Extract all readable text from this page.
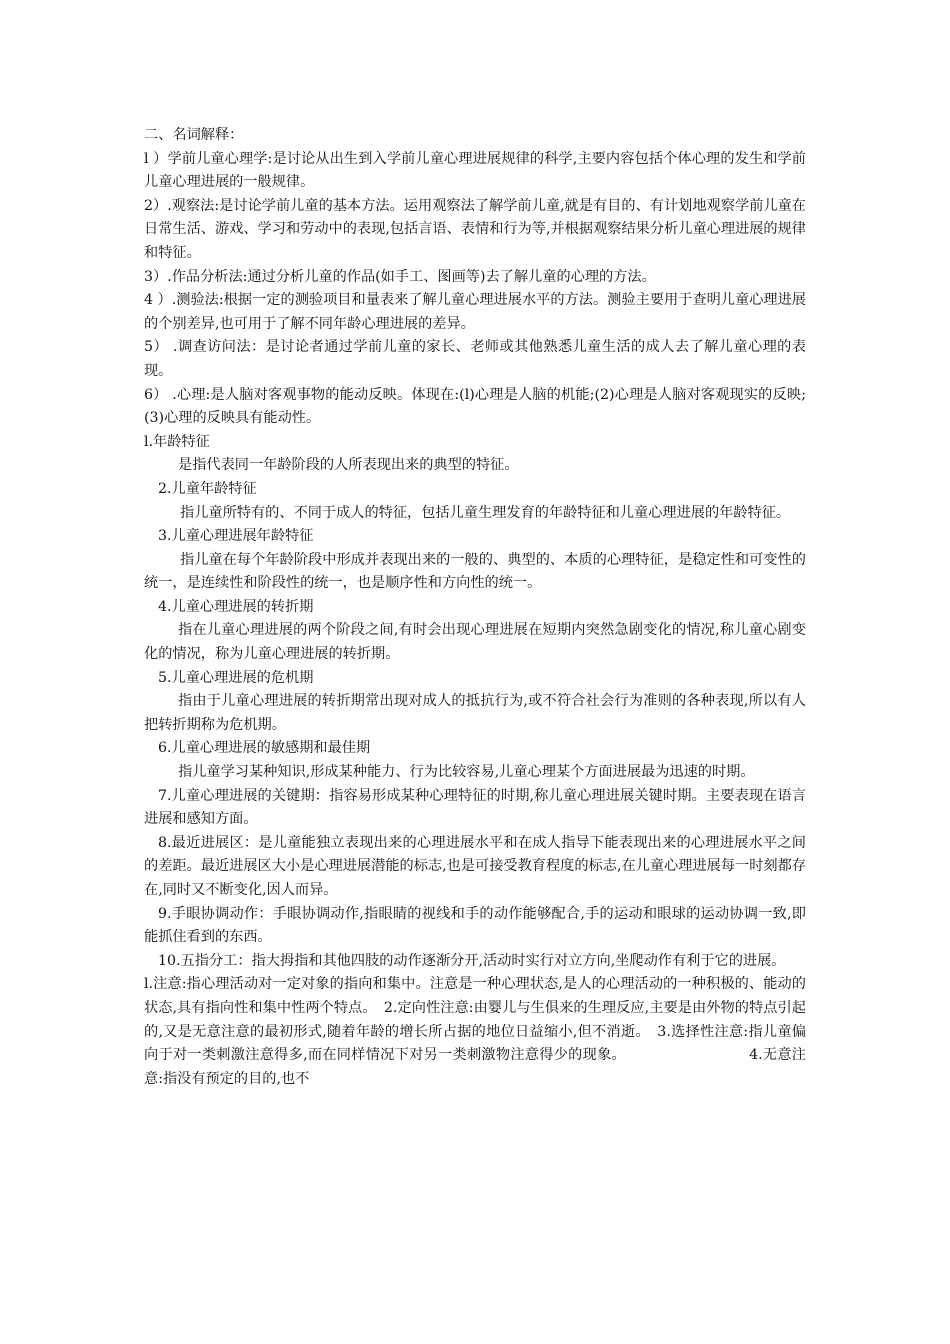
二、名词解释：

l ）学前儿童心理学:是讨论从出生到入学前儿童心理进展规律的科学,主要内容包括个体心理的发生和学前儿童心理进展的一般规律。

2）.观察法:是讨论学前儿童的基本方法。运用观察法了解学前儿童,就是有目的、有计划地观察学前儿童在日常生活、游戏、学习和劳动中的表现,包括言语、表情和行为等,并根据观察结果分析儿童心理进展的规律和特征。

3）.作品分析法:通过分析儿童的作品(如手工、图画等)去了解儿童的心理的方法。

4 ）.测验法:根据一定的测验项目和量表来了解儿童心理进展水平的方法。测验主要用于查明儿童心理进展的个别差异,也可用于了解不同年龄心理进展的差异。

5） .调查访问法：是讨论者通过学前儿童的家长、老师或其他熟悉儿童生活的成人去了解儿童心理的表现。

6） .心理:是人脑对客观事物的能动反映。体现在:(l)心理是人脑的机能;(2)心理是人脑对客观现实的反映;(3)心理的反映具有能动性。

l.年龄特征

是指代表同一年龄阶段的人所表现出来的典型的特征。

2.儿童年龄特征

指儿童所特有的、不同于成人的特征，包括儿童生理发育的年龄特征和儿童心理进展的年龄特征。

3.儿童心理进展年龄特征

指儿童在每个年龄阶段中形成并表现出来的一般的、典型的、本质的心理特征，是稳定性和可变性的统一，是连续性和阶段性的统一，也是顺序性和方向性的统一。

4.儿童心理进展的转折期

指在儿童心理进展的两个阶段之间,有时会出现心理进展在短期内突然急剧变化的情况,称儿童心剧变化的情况，称为儿童心理进展的转折期。

5.儿童心理进展的危机期

指由于儿童心理进展的转折期常出现对成人的抵抗行为,或不符合社会行为准则的各种表现,所以有人把转折期称为危机期。

6.儿童心理进展的敏感期和最佳期

指儿童学习某种知识,形成某种能力、行为比较容易,儿童心理某个方面进展最为迅速的时期。

7.儿童心理进展的关键期：指容易形成某种心理特征的时期,称儿童心理进展关键时期。主要表现在语言进展和感知方面。

8.最近进展区：是儿童能独立表现出来的心理进展水平和在成人指导下能表现出来的心理进展水平之间的差距。最近进展区大小是心理进展潜能的标志,也是可接受教育程度的标志,在儿童心理进展每一时刻都存在,同时又不断变化,因人而异。

9.手眼协调动作：手眼协调动作,指眼睛的视线和手的动作能够配合,手的运动和眼球的运动协调一致,即能抓住看到的东西。

10.五指分工：指大拇指和其他四肢的动作逐渐分开,活动时实行对立方向,坐爬动作有利于它的进展。

l.注意:指心理活动对一定对象的指向和集中。注意是一种心理状态,是人的心理活动的一种积极的、能动的状态,具有指向性和集中性两个特点。　2.定向性注意:由婴儿与生俱来的生理反应,主要是由外物的特点引起的,又是无意注意的最初形式,随着年龄的增长所占据的地位日益缩小,但不消逝。　3.选择性注意:指儿童偏向于对一类刺激注意得多,而在同样情况下对另一类刺激物注意得少的现象。　　　　　　　　　4.无意注意:指没有预定的目的,也不
